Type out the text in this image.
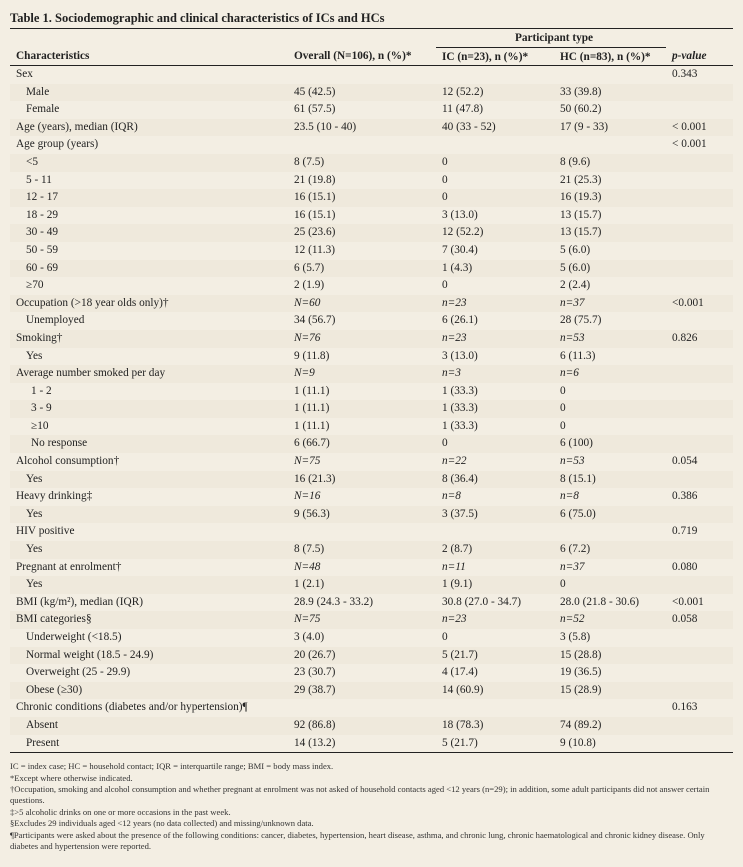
Table 1. Sociodemographic and clinical characteristics of ICs and HCs
		Participant type		
Characteristics	Overall (N=106), n (%)*	IC (n=23), n (%)*	HC (n=83), n (%)*	p-value
Sex				0.343
Male	45 (42.5)	12 (52.2)	33 (39.8)	
Female	61 (57.5)	11 (47.8)	50 (60.2)	
Age (years), median (IQR)	23.5 (10 - 40)	40 (33 - 52)	17 (9 - 33)	< 0.001
Age group (years)				< 0.001
<5	8 (7.5)	0	8 (9.6)	
5 - 11	21 (19.8)	0	21 (25.3)	
12 - 17	16 (15.1)	0	16 (19.3)	
18 - 29	16 (15.1)	3 (13.0)	13 (15.7)	
30 - 49	25 (23.6)	12 (52.2)	13 (15.7)	
50 - 59	12 (11.3)	7 (30.4)	5 (6.0)	
60 - 69	6 (5.7)	1 (4.3)	5 (6.0)	
≥70	2 (1.9)	0	2 (2.4)	
Occupation (>18 year olds only)†	N=60	n=23	n=37	<0.001
Unemployed	34 (56.7)	6 (26.1)	28 (75.7)	
Smoking†	N=76	n=23	n=53	0.826
Yes	9 (11.8)	3 (13.0)	6 (11.3)	
Average number smoked per day	N=9	n=3	n=6	
1 - 2	1 (11.1)	1 (33.3)	0	
3 - 9	1 (11.1)	1 (33.3)	0	
≥10	1 (11.1)	1 (33.3)	0	
No response	6 (66.7)	0	6 (100)	
Alcohol consumption†	N=75	n=22	n=53	0.054
Yes	16 (21.3)	8 (36.4)	8 (15.1)	
Heavy drinking‡	N=16	n=8	n=8	0.386
Yes	9 (56.3)	3 (37.5)	6 (75.0)	
HIV positive				0.719
Yes	8 (7.5)	2 (8.7)	6 (7.2)	
Pregnant at enrolment†	N=48	n=11	n=37	0.080
Yes	1 (2.1)	1 (9.1)	0	
BMI (kg/m²), median (IQR)	28.9 (24.3 - 33.2)	30.8 (27.0 - 34.7)	28.0 (21.8 - 30.6)	<0.001
BMI categories§	N=75	n=23	n=52	0.058
Underweight (<18.5)	3 (4.0)	0	3 (5.8)	
Normal weight (18.5 - 24.9)	20 (26.7)	5 (21.7)	15 (28.8)	
Overweight (25 - 29.9)	23 (30.7)	4 (17.4)	19 (36.5)	
Obese (≥30)	29 (38.7)	14 (60.9)	15 (28.9)	
Chronic conditions (diabetes and/or hypertension)¶				0.163
Absent	92 (86.8)	18 (78.3)	74 (89.2)	
Present	14 (13.2)	5 (21.7)	9 (10.8)	
IC = index case; HC = household contact; IQR = interquartile range; BMI = body mass index.
*Except where otherwise indicated.
†Occupation, smoking and alcohol consumption and whether pregnant at enrolment was not asked of household contacts aged <12 years (n=29); in addition, some adult participants did not answer certain questions.
‡>5 alcoholic drinks on one or more occasions in the past week.
§Excludes 29 individuals aged <12 years (no data collected) and missing/unknown data.
¶Participants were asked about the presence of the following conditions: cancer, diabetes, hypertension, heart disease, asthma, and chronic lung, chronic haematological and chronic kidney disease. Only diabetes and hypertension were reported.
